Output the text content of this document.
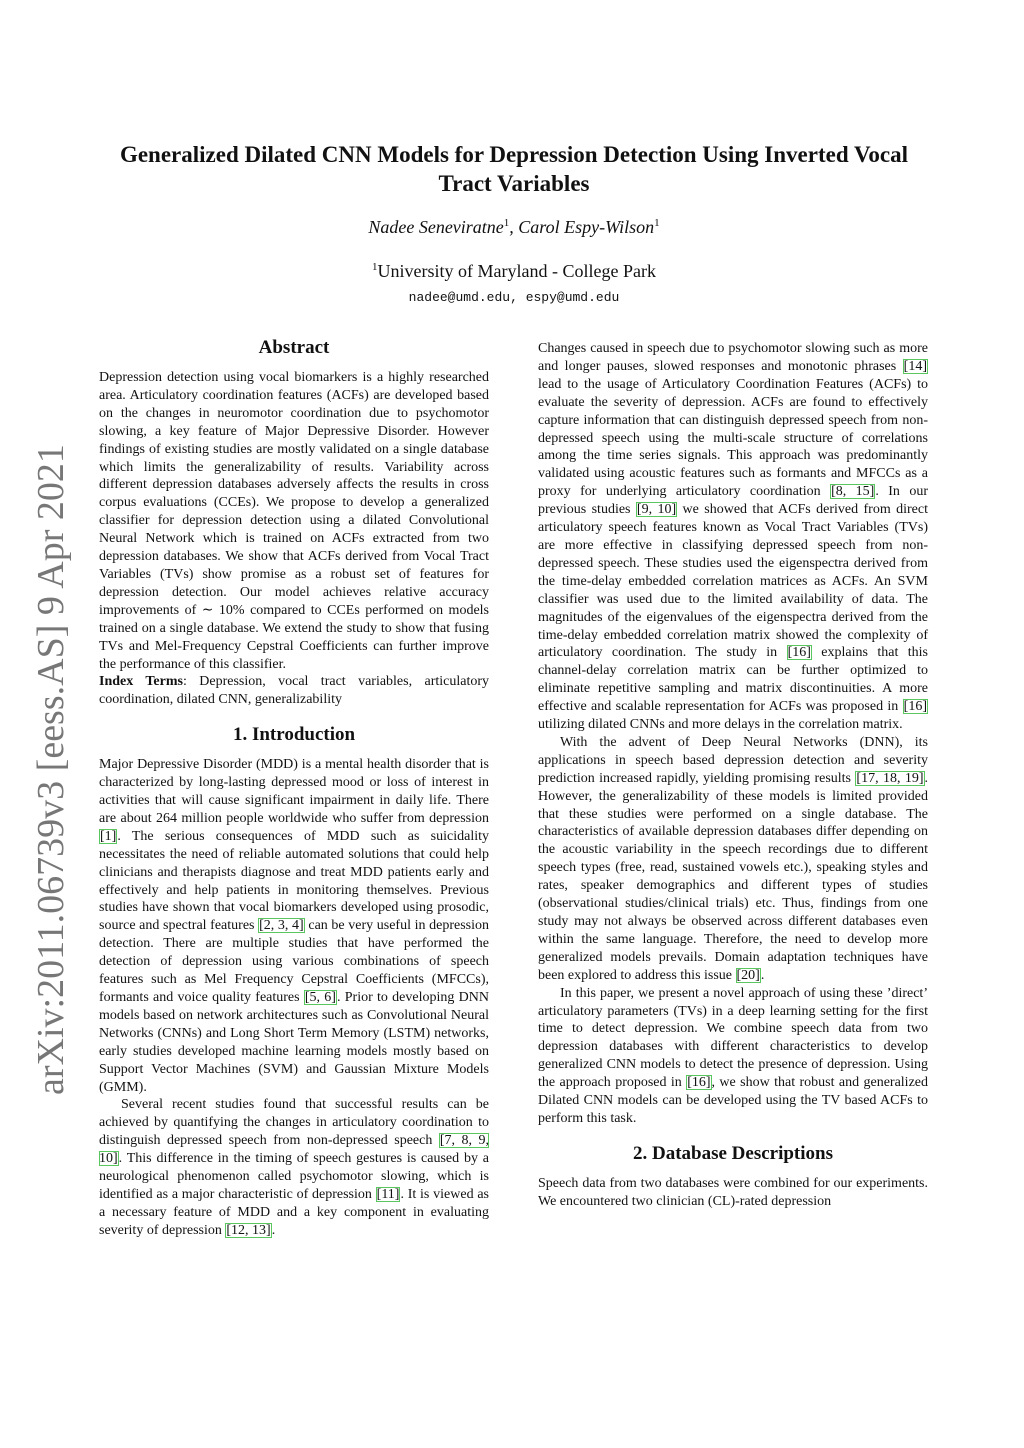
arXiv:2011.06739v3 [eess.AS] 9 Apr 2021
Generalized Dilated CNN Models for Depression Detection Using Inverted Vocal Tract Variables
Nadee Seneviratne$^1$, Carol Espy-Wilson$^1$
$^1$University of Maryland - College Park
nadee@umd.edu, espy@umd.edu
Abstract

Depression detection using vocal biomarkers is a highly researched area. Articulatory coordination features (ACFs) are developed based on the changes in neuromotor coordination due to psychomotor slowing, a key feature of Major Depressive Disorder. However findings of existing studies are mostly validated on a single database which limits the generalizability of results. Variability across different depression databases adversely affects the results in cross corpus evaluations (CCEs). We propose to develop a generalized classifier for depression detection using a dilated Convolutional Neural Network which is trained on ACFs extracted from two depression databases. We show that ACFs derived from Vocal Tract Variables (TVs) show promise as a robust set of features for depression detection. Our model achieves relative accuracy improvements of ∼ 10% compared to CCEs performed on models trained on a single database. We extend the study to show that fusing TVs and Mel-Frequency Cepstral Coefficients can further improve the performance of this classifier.

Index Terms: Depression, vocal tract variables, articulatory coordination, dilated CNN, generalizability

1. Introduction

Major Depressive Disorder (MDD) is a mental health disorder that is characterized by long-lasting depressed mood or loss of interest in activities that will cause significant impairment in daily life. There are about 264 million people worldwide who suffer from depression [1]. The serious consequences of MDD such as suicidality necessitates the need of reliable automated solutions that could help clinicians and therapists diagnose and treat MDD patients early and effectively and help patients in monitoring themselves. Previous studies have shown that vocal biomarkers developed using prosodic, source and spectral features [2, 3, 4] can be very useful in depression detection. There are multiple studies that have performed the detection of depression using various combinations of speech features such as Mel Frequency Cepstral Coefficients (MFCCs), formants and voice quality features [5, 6]. Prior to developing DNN models based on network architectures such as Convolutional Neural Networks (CNNs) and Long Short Term Memory (LSTM) networks, early studies developed machine learning models mostly based on Support Vector Machines (SVM) and Gaussian Mixture Models (GMM).

Several recent studies found that successful results can be achieved by quantifying the changes in articulatory coordination to distinguish depressed speech from non-depressed speech [7, 8, 9, 10]. This difference in the timing of speech gestures is caused by a neurological phenomenon called psychomotor slowing, which is identified as a major characteristic of depression [11]. It is viewed as a necessary feature of MDD and a key component in evaluating severity of depression [12, 13].

Changes caused in speech due to psychomotor slowing such as more and longer pauses, slowed responses and monotonic phrases [14] lead to the usage of Articulatory Coordination Features (ACFs) to evaluate the severity of depression. ACFs are found to effectively capture information that can distinguish depressed speech from non-depressed speech using the multi-scale structure of correlations among the time series signals. This approach was predominantly validated using acoustic features such as formants and MFCCs as a proxy for underlying articulatory coordination [8, 15]. In our previous studies [9, 10] we showed that ACFs derived from direct articulatory speech features known as Vocal Tract Variables (TVs) are more effective in classifying depressed speech from non-depressed speech. These studies used the eigenspectra derived from the time-delay embedded correlation matrices as ACFs. An SVM classifier was used due to the limited availability of data. The magnitudes of the eigenvalues of the eigenspectra derived from the time-delay embedded correlation matrix showed the complexity of articulatory coordination. The study in [16] explains that this channel-delay correlation matrix can be further optimized to eliminate repetitive sampling and matrix discontinuities. A more effective and scalable representation for ACFs was proposed in [16] utilizing dilated CNNs and more delays in the correlation matrix.

With the advent of Deep Neural Networks (DNN), its applications in speech based depression detection and severity prediction increased rapidly, yielding promising results [17, 18, 19]. However, the generalizability of these models is limited provided that these studies were performed on a single database. The characteristics of available depression databases differ depending on the acoustic variability in the speech recordings due to different speech types (free, read, sustained vowels etc.), speaking styles and rates, speaker demographics and different types of studies (observational studies/clinical trials) etc. Thus, findings from one study may not always be observed across different databases even within the same language. Therefore, the need to develop more generalized models prevails. Domain adaptation techniques have been explored to address this issue [20].

In this paper, we present a novel approach of using these ’direct’ articulatory parameters (TVs) in a deep learning setting for the first time to detect depression. We combine speech data from two depression databases with different characteristics to develop generalized CNN models to detect the presence of depression. Using the approach proposed in [16], we show that robust and generalized Dilated CNN models can be developed using the TV based ACFs to perform this task.

2. Database Descriptions

Speech data from two databases were combined for our experiments. We encountered two clinician (CL)-rated depression
